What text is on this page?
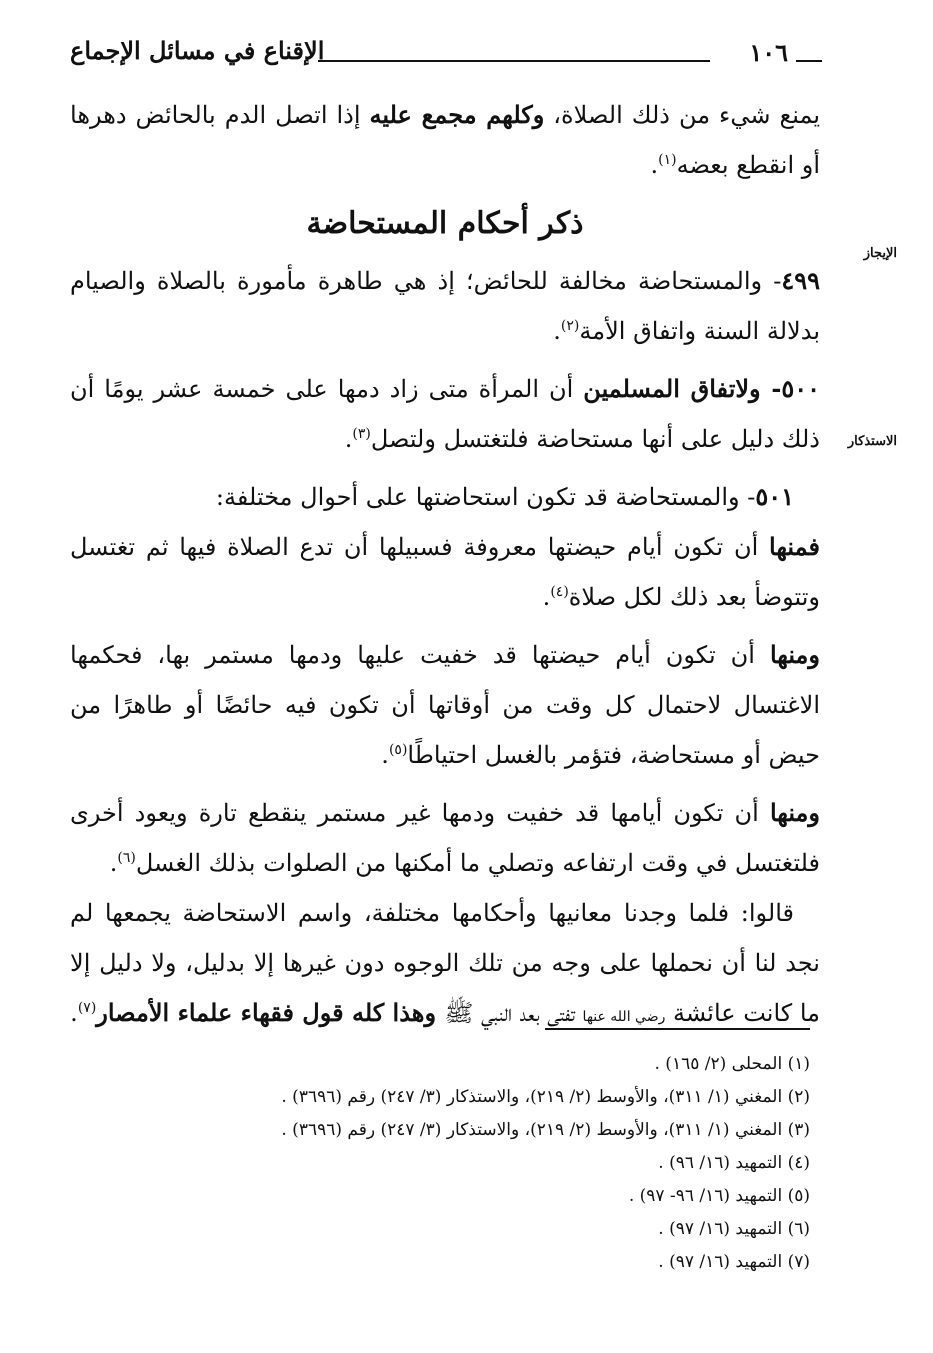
١٠٦
الإقناع في مسائل الإجماع
الإيجاز
الاستذكار

يمنع شيء من ذلك الصلاة، وكلهم مجمع عليه إذا اتصل الدم بالحائض دهرها أو انقطع بعضه$^{(١)}$.

ذكر أحكام المستحاضة

٤٩٩- والمستحاضة مخالفة للحائض؛ إذ هي طاهرة مأمورة بالصلاة والصيام بدلالة السنة واتفاق الأمة$^{(٢)}$.

٥٠٠- ولاتفاق المسلمين أن المرأة متى زاد دمها على خمسة عشر يومًا أن ذلك دليل على أنها مستحاضة فلتغتسل ولتصل$^{(٣)}$.

٥٠١- والمستحاضة قد تكون استحاضتها على أحوال مختلفة:

فمنها أن تكون أيام حيضتها معروفة فسبيلها أن تدع الصلاة فيها ثم تغتسل وتتوضأ بعد ذلك لكل صلاة$^{(٤)}$.

ومنها أن تكون أيام حيضتها قد خفيت عليها ودمها مستمر بها، فحكمها الاغتسال لاحتمال كل وقت من أوقاتها أن تكون فيه حائضًا أو طاهرًا من حيض أو مستحاضة، فتؤمر بالغسل احتياطًا$^{(٥)}$.

ومنها أن تكون أيامها قد خفيت ودمها غير مستمر ينقطع تارة ويعود أخرى فلتغتسل في وقت ارتفاعه وتصلي ما أمكنها من الصلوات بذلك الغسل$^{(٦)}$.

قالوا: فلما وجدنا معانيها وأحكامها مختلفة، واسم الاستحاضة يجمعها لم نجد لنا أن نحملها على وجه من تلك الوجوه دون غيرها إلا بدليل، ولا دليل إلا ما كانت عائشة رضي الله عنها تفتي بعد النبي ﷺ وهذا كله قول فقهاء علماء الأمصار$^{(٧)}$.

(١) المحلى (٢/ ١٦٥) .
(٢) المغني (١/ ٣١١)، والأوسط (٢/ ٢١٩)، والاستذكار (٣/ ٢٤٧) رقم (٣٦٩٦) .
(٣) المغني (١/ ٣١١)، والأوسط (٢/ ٢١٩)، والاستذكار (٣/ ٢٤٧) رقم (٣٦٩٦) .
(٤) التمهيد (١٦/ ٩٦) .
(٥) التمهيد (١٦/ ٩٦- ٩٧) .
(٦) التمهيد (١٦/ ٩٧) .
(٧) التمهيد (١٦/ ٩٧) .
